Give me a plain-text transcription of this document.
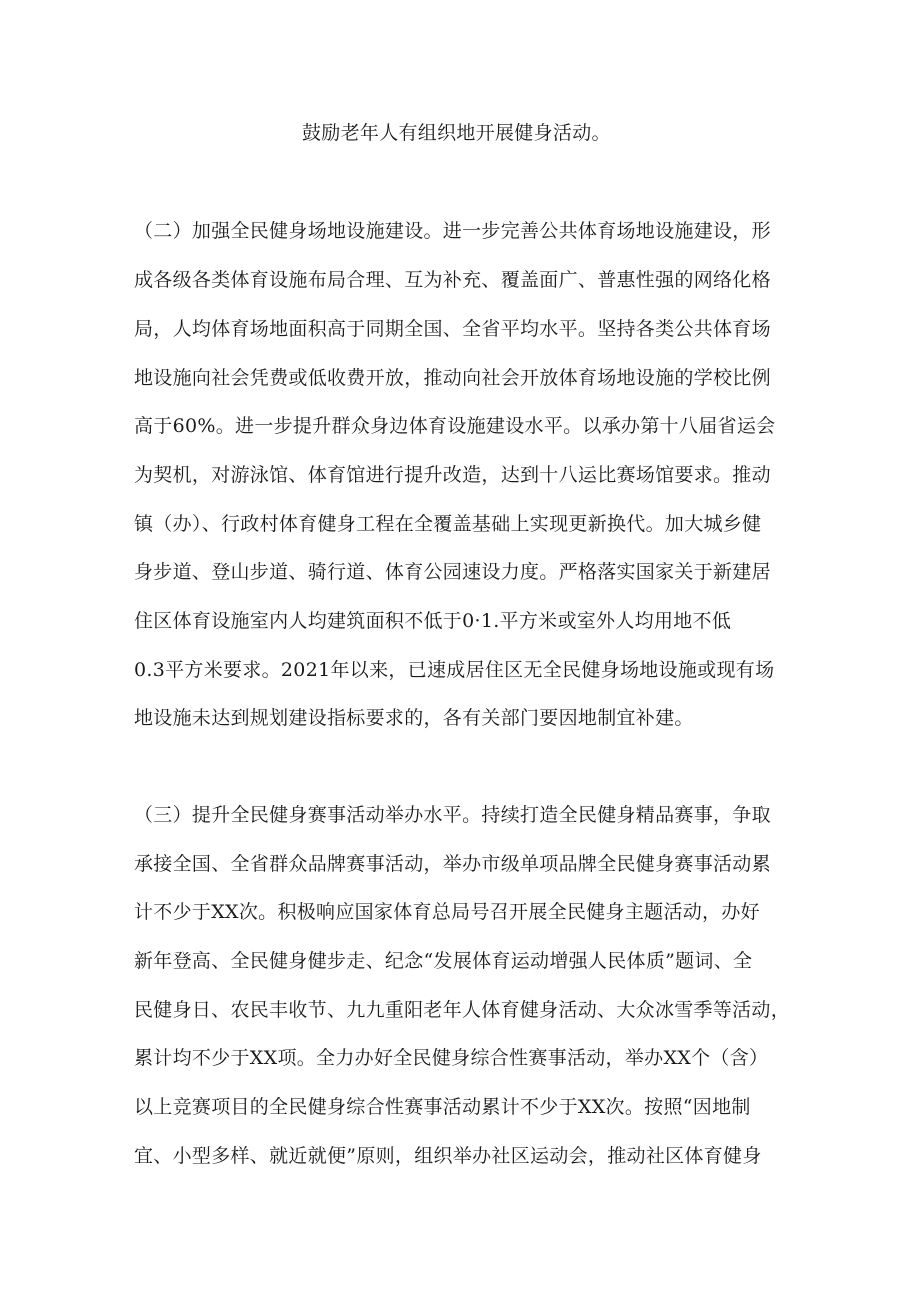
鼓励老年人有组织地开展健身活动。
（二）加强全民健身场地设施建设。进一步完善公共体育场地设施建设，形
成各级各类体育设施布局合理、互为补充、覆盖面广、普惠性强的网络化格
局，人均体育场地面积高于同期全国、全省平均水平。坚持各类公共体育场
地设施向社会凭费或低收费开放，推动向社会开放体育场地设施的学校比例
高于60%。进一步提升群众身边体育设施建设水平。以承办第十八届省运会
为契机，对游泳馆、体育馆进行提升改造，达到十八运比赛场馆要求。推动
镇（办）、行政村体育健身工程在全覆盖基础上实现更新换代。加大城乡健
身步道、登山步道、骑行道、体育公园速设力度。严格落实国家关于新建居
住区体育设施室内人均建筑面积不低于0·1.平方米或室外人均用地不低
0.3平方米要求。2021年以来，已速成居住区无全民健身场地设施或现有场
地设施未达到规划建设指标要求的，各有关部门要因地制宜补建。
（三）提升全民健身赛事活动举办水平。持续打造全民健身精品赛事，争取
承接全国、全省群众品牌赛事活动，举办市级单项品牌全民健身赛事活动累
计不少于XX次。积极响应国家体育总局号召开展全民健身主题活动，办好
新年登高、全民健身健步走、纪念“发展体育运动增强人民体质”题词、全
民健身日、农民丰收节、九九重阳老年人体育健身活动、大众冰雪季等活动，
累计均不少于XX项。全力办好全民健身综合性赛事活动，举办XX个（含）
以上竞赛项目的全民健身综合性赛事活动累计不少于XX次。按照“因地制
宜、小型多样、就近就便”原则，组织举办社区运动会，推动社区体育健身
